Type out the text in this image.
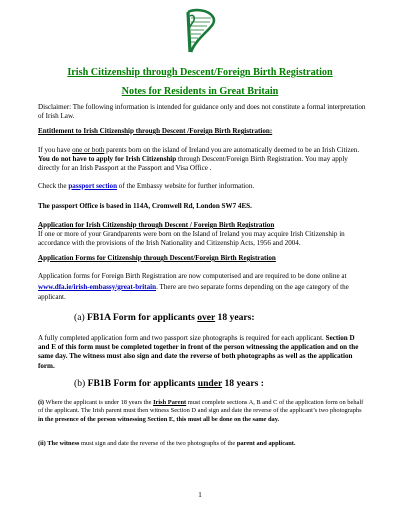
Irish Citizenship through Descent/Foreign Birth Registration
Notes for Residents in Great Britain
Disclaimer: The following information is intended for guidance only and does not constitute a formal interpretation of Irish Law.
Entitlement to Irish Citizenship through Descent /Foreign Birth Registration:
If you have one or both parents born on the island of Ireland you are automatically deemed to be an Irish Citizen. You do not have to apply for Irish Citizenship through Descent/Foreign Birth Registration. You may apply directly for an Irish Passport at the Passport and Visa Office .
Check the passport section of the Embassy website for further information.
The passport Office is based in 114A, Cromwell Rd, London SW7 4ES.
Application for Irish Citizenship through Descent / Foreign Birth Registration
If one or more of your Grandparents were born on the Island of Ireland you may acquire Irish Citizenship in accordance with the provisions of the Irish Nationality and Citizenship Acts, 1956 and 2004.
Application Forms for Citizenship through Descent/Foreign Birth Registration
Application forms for Foreign Birth Registration are now computerised and are required to be done online at www.dfa.ie/irish-embassy/great-britain. There are two separate forms depending on the age category of the applicant.
(a) FB1A Form for applicants over 18 years:
A fully completed application form and two passport size photographs is required for each applicant. Section D and E of this form must be completed together in front of the person witnessing the application and on the same day. The witness must also sign and date the reverse of both photographs as well as the application form.
(b) FB1B Form for applicants under 18 years :
(i) Where the applicant is under 18 years the Irish Parent must complete sections A, B and C of the application form on behalf of the applicant. The Irish parent must then witness Section D and sign and date the reverse of the applicant’s two photographs in the presence of the person witnessing Section E, this must all be done on the same day.
(ii) The witness must sign and date the reverse of the two photographs of the parent and applicant.
1
